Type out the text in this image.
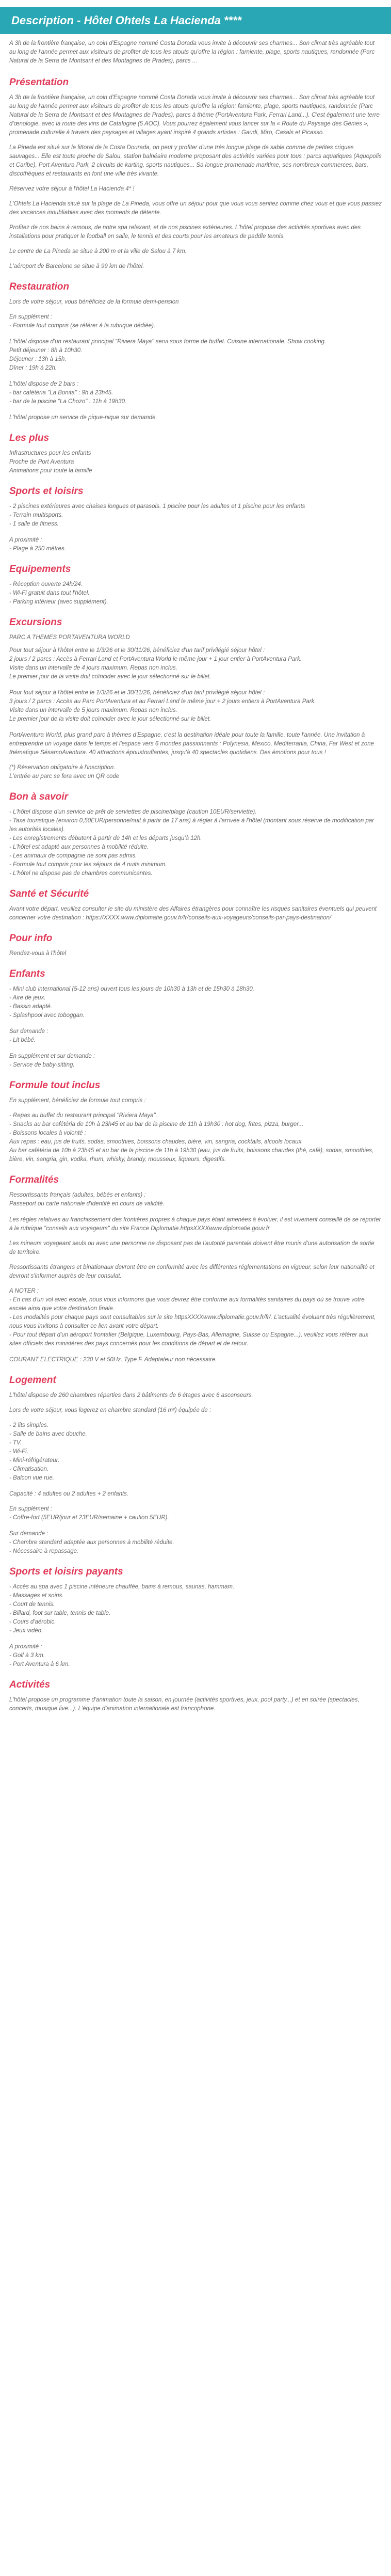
Description - Hôtel Ohtels La Hacienda ****

A 3h de la frontière française, un coin d'Espagne nommé Costa Dorada vous invite à découvrir ses charmes... Son climat très agréable tout au long de l'année permet aux visiteurs de profiter de tous les atouts qu'offre la région : farniente, plage, sports nautiques, randonnée (Parc Natural de la Serra de Montsant et des Montagnes de Prades), parcs ...

Présentation

A 3h de la frontière française, un coin d'Espagne nommé Costa Dorada vous invite à découvrir ses charmes... Son climat très agréable tout au long de l'année permet aux visiteurs de profiter de tous les atouts qu'offre la région: farniente, plage, sports nautiques, randonnée (Parc Natural de la Serra de Montsant et des Montagnes de Prades), parcs à thème (PortAventura Park, Ferrari Land...). C'est également une terre d'œnologie, avec la route des vins de Catalogne (5 AOC). Vous pourrez également vous lancer sur la « Route du Paysage des Génies », promenade culturelle à travers des paysages et villages ayant inspiré 4 grands artistes : Gaudi, Miro, Casals et Picasso.

La Pineda est situé sur le littoral de la Costa Dourada, on peut y profiter d'une très longue plage de sable comme de petites criques sauvages... Elle est toute proche de Salou, station balnéaire moderne proposant des activités variées pour tous : parcs aquatiques (Aquopolis et Caribe), Port Aventura Park, 2 circuits de karting, sports nautiques... Sa longue promenade maritime, ses nombreux commerces, bars, discothèques et restaurants en font une ville très vivante.

Réservez votre séjour à l'hôtel La Hacienda 4* !

L'Ohtels La Hacienda situé sur la plage de La Pineda, vous offre un séjour pour que vous vous sentiez comme chez vous et que vous passiez des vacances inoubliables avec des moments de détente.

Profitez de nos bains à remous, de notre spa relaxant, et de nos piscines extérieures. L'hôtel propose des activités sportives avec des installations pour pratiquer le football en salle, le tennis et des courts pour les amateurs de paddle tennis.

Le centre de La Pineda se situe à 200 m et la ville de Salou à 7 km.

L'aéroport de Barcelone se situe à 99 km de l'hôtel.

Restauration

Lors de votre séjour, vous bénéficiez de la formule demi-pension

En supplément :

- Formule tout compris (se référer à la rubrique dédiée).

L'hôtel dispose d'un restaurant principal "Riviera Maya" servi sous forme de buffet. Cuisine internationale. Show cooking.

Petit déjeuner : 8h à 10h30.

Déjeuner : 13h à 15h.

Dîner : 19h à 22h.

L'hôtel dispose de 2 bars :

- bar cafétéria "La Bonita" : 9h à 23h45.

- bar de la piscine "La Chozo" : 11h à 19h30.

L'hôtel propose un service de pique-nique sur demande.

Les plus

Infrastructures pour les enfants

Proche de Port Aventura

Animations pour toute la famille

Sports et loisirs

- 2 piscines extérieures avec chaises longues et parasols. 1 piscine pour les adultes et 1 piscine pour les enfants

- Terrain multisports.

- 1 salle de fitness.

A proximité :

- Plage à 250 mètres.

Equipements

- Réception ouverte 24h/24.

- Wi-Fi gratuit dans tout l'hôtel.

- Parking intérieur (avec supplément).

Excursions

PARC A THEMES PORTAVENTURA WORLD

Pour tout séjour à l'hôtel entre le 1/3/26 et le 30/11/26, bénéficiez d'un tarif privilégié séjour hôtel :

2 jours / 2 parcs : Accès à Ferrari Land et PortAventura World le même jour + 1 jour entier à PortAventura Park.

Visite dans un intervalle de 4 jours maximum. Repas non inclus.

Le premier jour de la visite doit coïncider avec le jour sélectionné sur le billet.

Pour tout séjour à l'hôtel entre le 1/3/26 et le 30/11/26, bénéficiez d'un tarif privilégié séjour hôtel :

3 jours / 2 parcs : Accès au Parc PortAventura et au Ferrari Land le même jour + 2 jours entiers à PortAventura Park.

Visite dans un intervalle de 5 jours maximum. Repas non inclus.

Le premier jour de la visite doit coïncider avec le jour sélectionné sur le billet.

PortAventura World, plus grand parc à thèmes d'Espagne, c'est la destination idéale pour toute la famille, toute l'année. Une invitation à entreprendre un voyage dans le temps et l'espace vers 6 mondes passionnants : Polynesia, Mexico, Mediterrania, China, Far West et zone thématique SésamoAventura. 40 attractions époustouflantes, jusqu'à 40 spectacles quotidiens. Des émotions pour tous !

(*) Réservation obligatoire à l'inscription.

L'entrée au parc se fera avec un QR code

Bon à savoir

- L'hôtel dispose d'un service de prêt de serviettes de piscine/plage (caution 10EUR/serviette).

- Taxe touristique (environ 0,50EUR/personne/nuit à partir de 17 ans) à régler à l'arrivée à l'hôtel (montant sous réserve de modification par les autorités locales).

- Les enregistrements débutent à partir de 14h et les départs jusqu'à 12h.

- L'hôtel est adapté aux personnes à mobilité réduite.

- Les animaux de compagnie ne sont pas admis.

- Formule tout compris pour les séjours de 4 nuits minimum.

- L'hôtel ne dispose pas de chambres communicantes.

Santé et Sécurité

Avant votre départ, veuillez consulter le site du ministère des Affaires étrangères pour connaître les risques sanitaires éventuels qui peuvent concerner votre destination : https://XXXX.www.diplomatie.gouv.fr/fr/conseils-aux-voyageurs/conseils-par-pays-destination/

Pour info

Rendez-vous à l'hôtel

Enfants

- Mini club international (5-12 ans) ouvert tous les jours de 10h30 à 13h et de 15h30 à 18h30.

- Aire de jeux.

- Bassin adapté.

- Splashpool avec toboggan.

Sur demande :

- Lit bébé.

En supplément et sur demande :

- Service de baby-sitting.

Formule tout inclus

En supplément, bénéficiez de formule tout compris :

- Repas au buffet du restaurant principal "Riviera Maya".

- Snacks au bar cafétéria de 10h à 23h45 et au bar de la piscine de 11h à 19h30 : hot dog, frites, pizza, burger...

- Boissons locales à volonté :

Aux repas : eau, jus de fruits, sodas, smoothies, boissons chaudes, bière, vin, sangria, cocktails, alcools locaux.

Au bar cafétéria de 10h à 23h45 et au bar de la piscine de 11h à 19h30 (eau, jus de fruits, boissons chaudes (thé, café), sodas, smoothies, bière, vin, sangria, gin, vodka, rhum, whisky, brandy, mousseux, liqueurs, digestifs.

Formalités

Ressortissants français (adultes, bébés et enfants) :

Passeport ou carte nationale d'identité en cours de validité.

Les règles relatives au franchissement des frontières propres à chaque pays étant amenées à évoluer, il est vivement conseillé de se reporter à la rubrique "conseils aux voyageurs" du site France Diplomatie.httpsXXXXwww.diplomatie.gouv.fr

Les mineurs voyageant seuls ou avec une personne ne disposant pas de l'autorité parentale doivent être munis d'une autorisation de sortie de territoire.

Ressortissants étrangers et binationaux devront être en conformité avec les différentes réglementations en vigueur, selon leur nationalité et devront s'informer auprès de leur consulat.

A NOTER :

- En cas d'un vol avec escale, nous vous informons que vous devrez être conforme aux formalités sanitaires du pays où se trouve votre escale ainsi que votre destination finale.

- Les modalités pour chaque pays sont consultables sur le site httpsXXXXwww.diplomatie.gouv.fr/fr/. L'actualité évoluant très régulièrement, nous vous invitons à consulter ce lien avant votre départ.

- Pour tout départ d'un aéroport frontalier (Belgique, Luxembourg, Pays-Bas, Allemagne, Suisse ou Espagne...), veuillez vous référer aux sites officiels des ministères des pays concernés pour les conditions de départ et de retour.

COURANT ELECTRIQUE : 230 V et 50Hz. Type F. Adaptateur non nécessaire.

Logement

L'hôtel dispose de 260 chambres réparties dans 2 bâtiments de 6 étages avec 6 ascenseurs.

Lors de votre séjour, vous logerez en chambre standard (16 m²) équipée de :

- 2 lits simples.

- Salle de bains avec douche.

- TV.

- Wi-Fi.

- Mini-réfrigérateur.

- Climatisation.

- Balcon vue rue.

Capacité : 4 adultes ou 2 adultes + 2 enfants.

En supplément :

- Coffre-fort (5EUR/jour et 23EUR/semaine + caution 5EUR).

Sur demande :

- Chambre standard adaptée aux personnes à mobilité réduite.

- Nécessaire à repassage.

Sports et loisirs payants

- Accès au spa avec 1 piscine intérieure chauffée, bains à remous, saunas, hammam.

- Massages et soins.

- Court de tennis.

- Billard, foot sur table, tennis de table.

- Cours d'aérobic.

- Jeux vidéo.

A proximité :

- Golf à 3 km.

- Port Aventura à 6 km.

Activités

L'hôtel propose un programme d'animation toute la saison, en journée (activités sportives, jeux, pool party...) et en soirée (spectacles, concerts, musique live...). L'équipe d'animation internationale est francophone.
